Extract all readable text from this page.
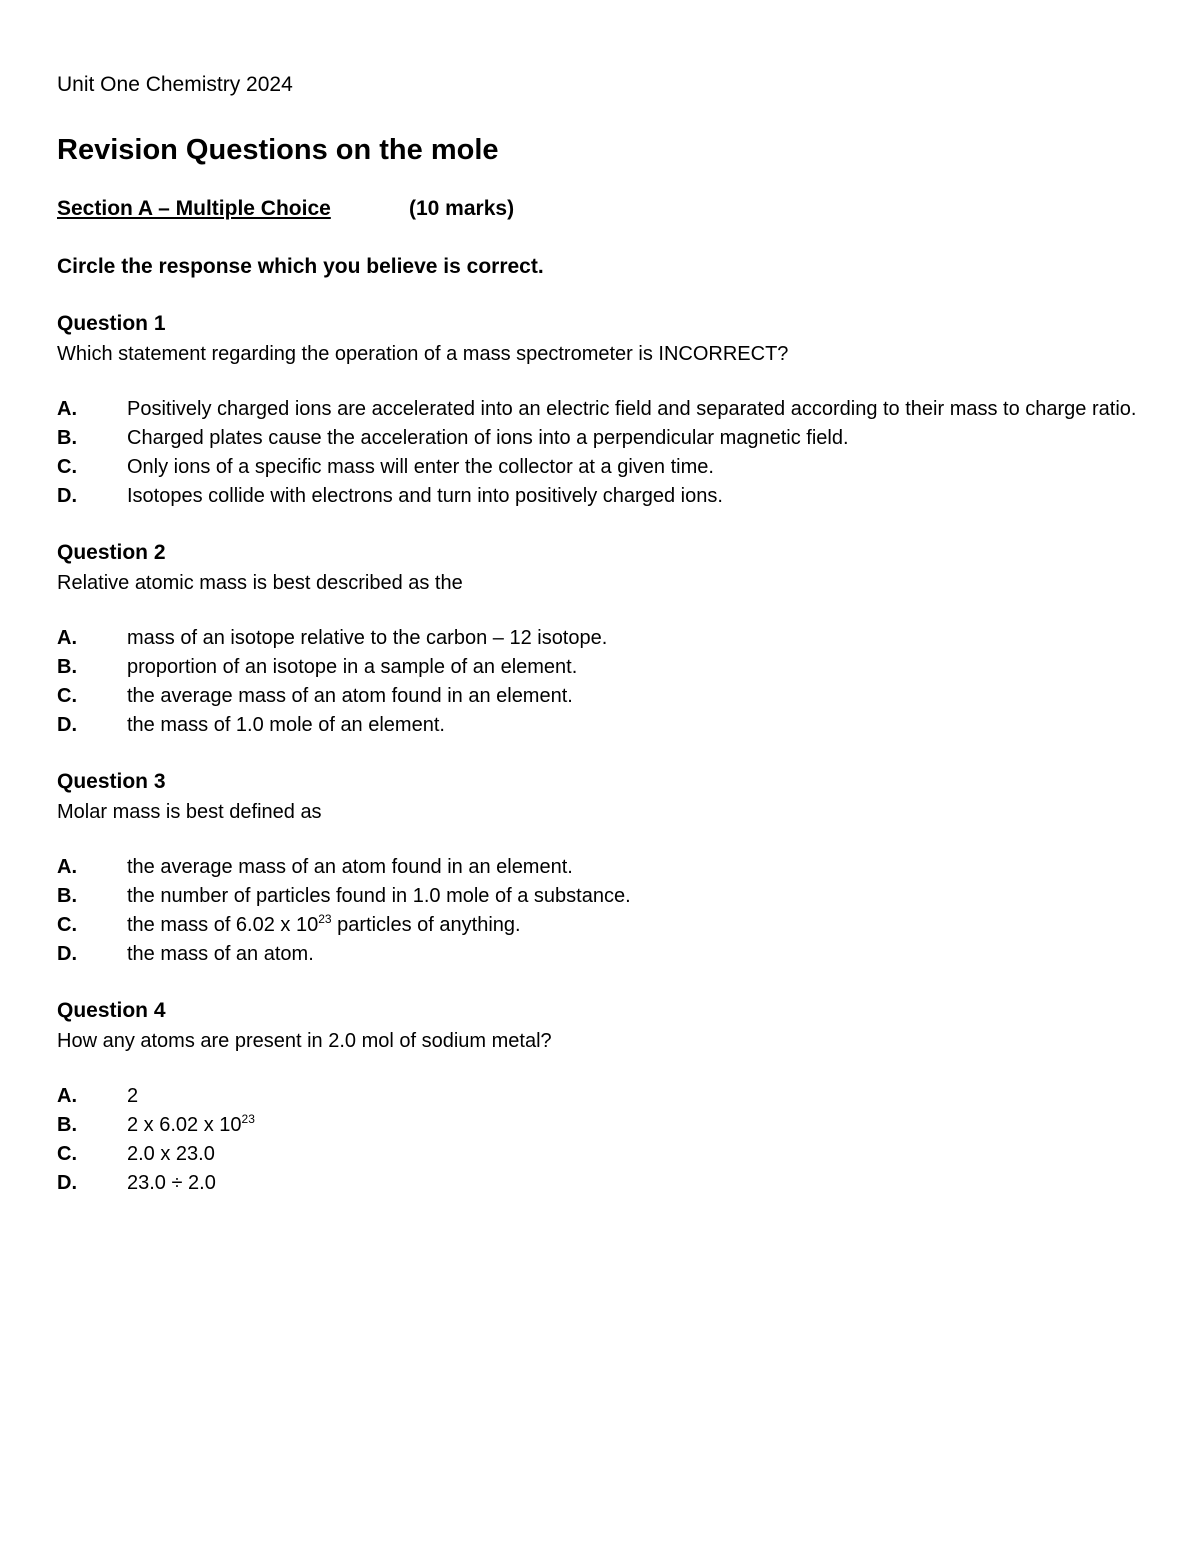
Unit One Chemistry 2024

Revision Questions on the mole

Section A – Multiple Choice	(10 marks)

Circle the response which you believe is correct.

Question 1

Which statement regarding the operation of a mass spectrometer is INCORRECT?

A.	Positively charged ions are accelerated into an electric field and separated according to their mass to charge ratio.
B.	Charged plates cause the acceleration of ions into a perpendicular magnetic field.
C.	Only ions of a specific mass will enter the collector at a given time.
D.	Isotopes collide with electrons and turn into positively charged ions.

Question 2

Relative atomic mass is best described as the

A.	mass of an isotope relative to the carbon – 12 isotope.
B.	proportion of an isotope in a sample of an element.
C.	the average mass of an atom found in an element.
D.	the mass of 1.0 mole of an element.

Question 3

Molar mass is best defined as

A.	the average mass of an atom found in an element.
B.	the number of particles found in 1.0 mole of a substance.
C.	the mass of 6.02 x $10^{23}$ particles of anything.
D.	the mass of an atom.

Question 4

How any atoms are present in 2.0 mol of sodium metal?

A.	2
B.	2 x 6.02 x $10^{23}$
C.	2.0 x 23.0
D.	23.0 ÷ 2.0
